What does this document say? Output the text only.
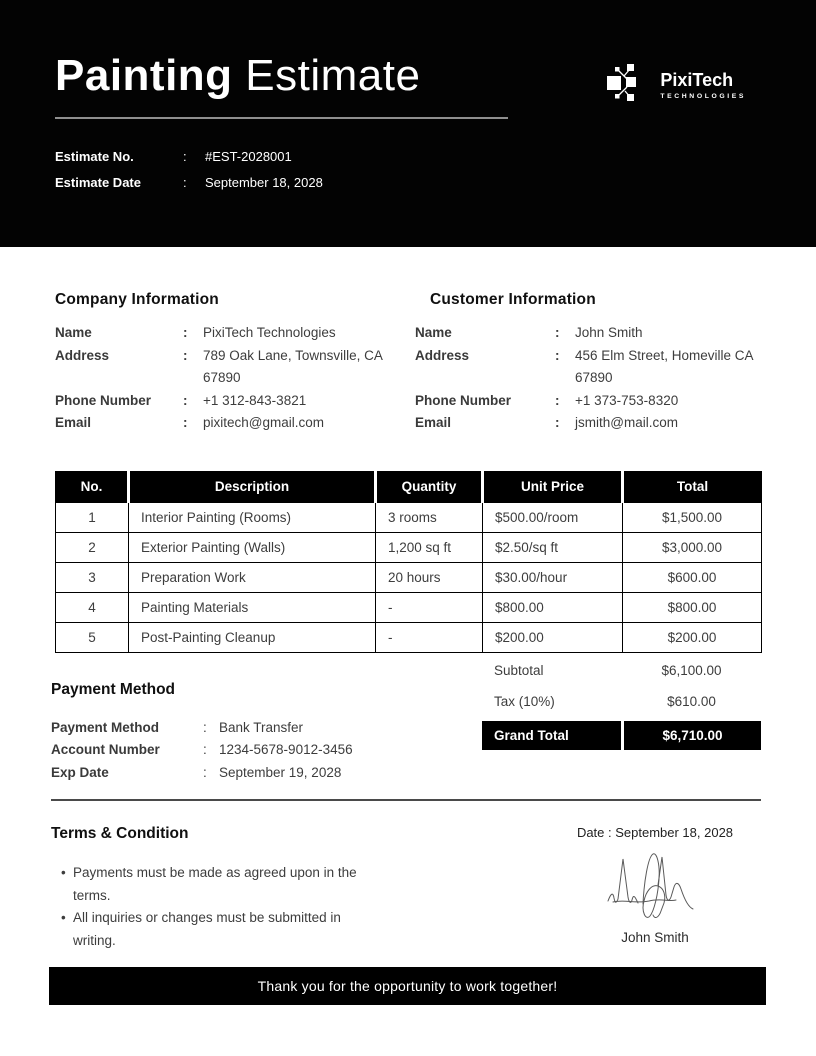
Painting Estimate	PixiTech
TECHNOLOGIES
Estimate No.	:	#EST-2028001
Estimate Date	:	September 18, 2028
Company Information
Name	:	PixiTech Technologies
Address	:	789 Oak Lane, Townsville, CA 67890
Phone Number	:	+1 312-843-3821
Email	:	pixitech@gmail.com
Customer Information
Name	:	John Smith
Address	:	456 Elm Street, Homeville CA 67890
Phone Number	:	+1 373-753-8320
Email	:	jsmith@mail.com
No.	Description	Quantity	Unit Price	Total
1	Interior Painting (Rooms)	3 rooms	$500.00/room	$1,500.00
2	Exterior Painting (Walls)	1,200 sq ft	$2.50/sq ft	$3,000.00
3	Preparation Work	20 hours	$30.00/hour	$600.00
4	Painting Materials	-	$800.00	$800.00
5	Post-Painting Cleanup	-	$200.00	$200.00
Payment Method
Payment Method	: Bank Transfer
Account Number	: 1234-5678-9012-3456
Exp Date	: September 19, 2028
Subtotal	$6,100.00
Tax (10%)	$610.00
Grand Total	$6,710.00
Terms & Condition
• Payments must be made as agreed upon in the terms.
• All inquiries or changes must be submitted in writing.
Date : September 18, 2028
John Smith
Thank you for the opportunity to work together!
